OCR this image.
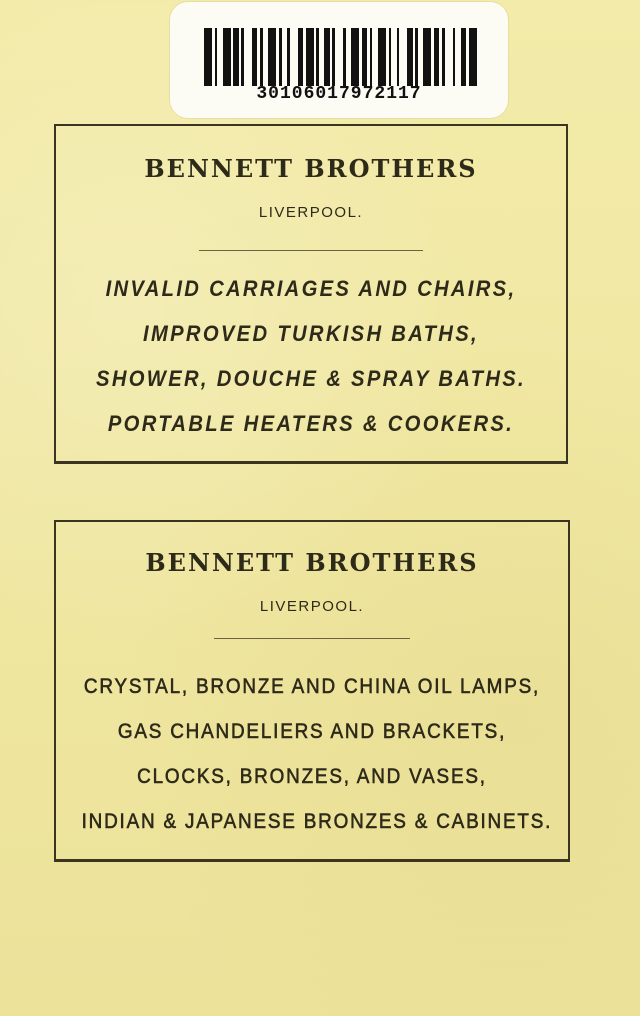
30106017972117
BENNETT BROTHERS
LIVERPOOL.
INVALID CARRIAGES AND CHAIRS,
IMPROVED TURKISH BATHS,
SHOWER, DOUCHE & SPRAY BATHS.
PORTABLE HEATERS & COOKERS.
BENNETT BROTHERS
LIVERPOOL.
CRYSTAL, BRONZE AND CHINA OIL LAMPS,
GAS CHANDELIERS AND BRACKETS,
CLOCKS, BRONZES, AND VASES,
INDIAN & JAPANESE BRONZES & CABINETS.
